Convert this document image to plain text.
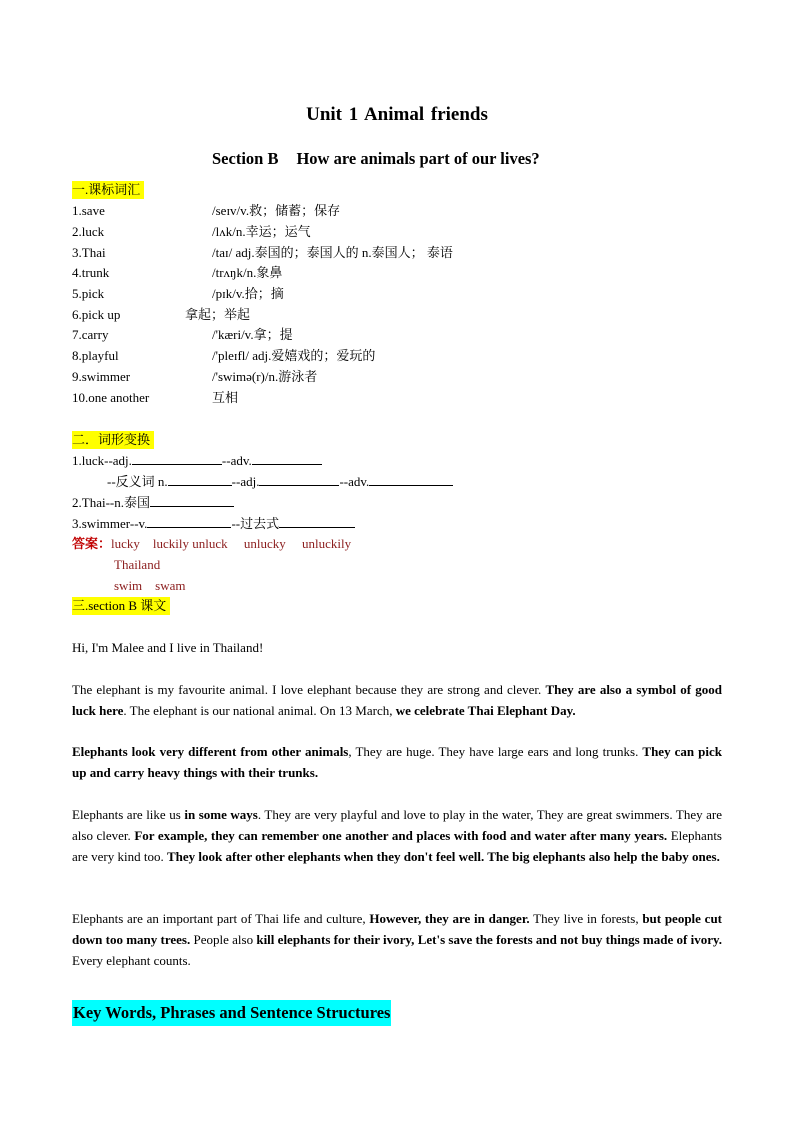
Unit 1 Animal friends
Section B How are animals part of our lives?
一.课标词汇
1.save	/seɪv/v.救；储蓄；保存
2.luck	/lʌk/n.幸运；运气
3.Thai	/taɪ/ adj.泰国的；泰国人的 n.泰国人； 泰语
4.trunk	/trʌŋk/n.象鼻
5.pick	/pɪk/v.拾；摘
6.pick up	拿起；举起
7.carry	/'kæri/v.拿；提
8.playful	/'pleɪfl/ adj.爱嬉戏的；爱玩的
9.swimmer	/'swimə(r)/n.游泳者
10.one another	互相
二．词形变换
1.luck--adj.	--adv.
--反义词 n.	--adj.	--adv.
2.Thai--n.泰国
3.swimmer--v.	--过去式
答案：lucky    luckily unluck     unlucky     unluckily
Thailand
swim    swam
三.section B 课文
Hi, I'm Malee and I live in Thailand!
The elephant is my favourite animal. I love elephant because they are strong and clever. They are also a symbol of good luck here. The elephant is our national animal. On 13 March, we celebrate Thai Elephant Day.
Elephants look very different from other animals, They are huge. They have large ears and long trunks. They can pick up and carry heavy things with their trunks.
Elephants are like us in some ways. They are very playful and love to play in the water, They are great swimmers. They are also clever. For example, they can remember one another and places with food and water after many years. Elephants are very kind too. They look after other elephants when they don't feel well. The big elephants also help the baby ones.
Elephants are an important part of Thai life and culture, However, they are in danger. They live in forests, but people cut down too many trees. People also kill elephants for their ivory, Let's save the forests and not buy things made of ivory. Every elephant counts.
Key Words, Phrases and Sentence Structures
